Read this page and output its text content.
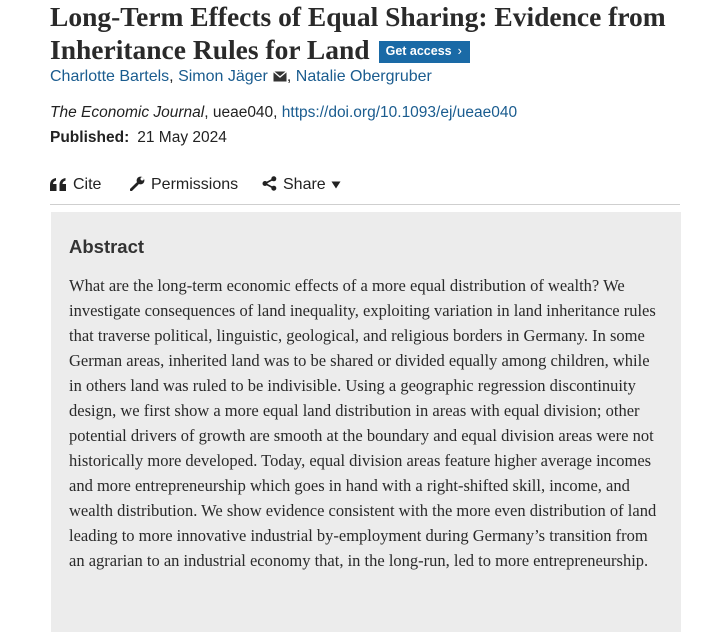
Long-Term Effects of Equal Sharing: Evidence from Inheritance Rules for Land Get access ›
Charlotte Bartels, Simon Jäger , Natalie Obergruber
The Economic Journal, ueae040, https://doi.org/10.1093/ej/ueae040
Published: 21 May 2024
Cite	Permissions	Share
Abstract

What are the long-term economic effects of a more equal distribution of wealth? We investigate consequences of land inequality, exploiting variation in land inheritance rules that traverse political, linguistic, geological, and religious borders in Germany. In some German areas, inherited land was to be shared or divided equally among children, while in others land was ruled to be indivisible. Using a geographic regression discontinuity design, we first show a more equal land distribution in areas with equal division; other potential drivers of growth are smooth at the boundary and equal division areas were not historically more developed. Today, equal division areas feature higher average incomes and more entrepreneurship which goes in hand with a right-shifted skill, income, and wealth distribution. We show evidence consistent with the more even distribution of land leading to more innovative industrial by-employment during Germany’s transition from an agrarian to an industrial economy that, in the long-run, led to more entrepreneurship.
